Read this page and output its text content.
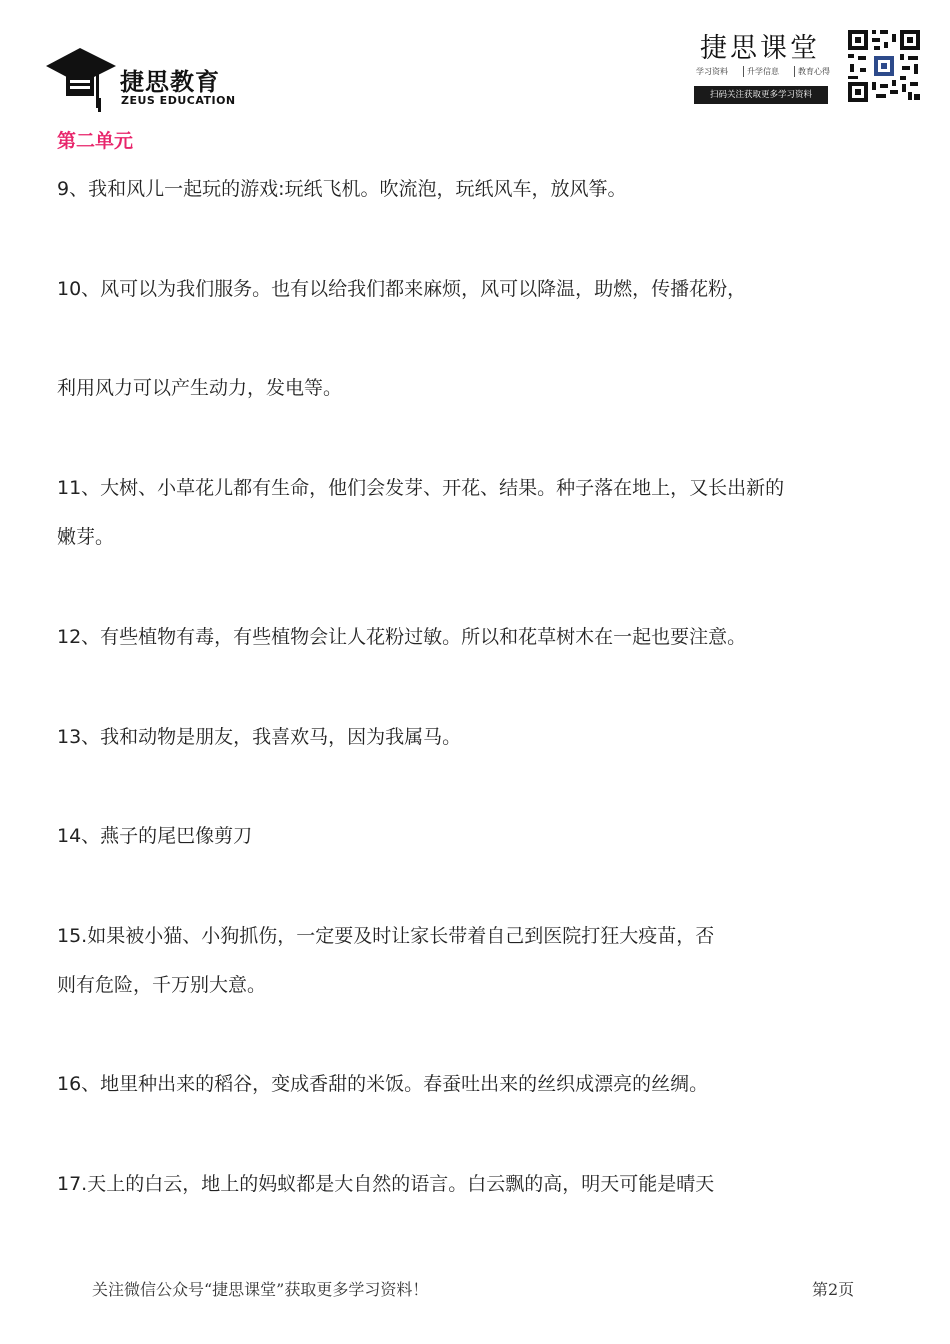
捷思教育
ZEUS EDUCATION
捷思课堂
学习资料	升学信息	教育心得
扫码关注获取更多学习资料
第二单元
9、我和风儿一起玩的游戏:玩纸飞机。吹流泡，玩纸风车，放风筝。
10、风可以为我们服务。也有以给我们都来麻烦，风可以降温，助燃，传播花粉，
利用风力可以产生动力，发电等。
11、大树、小草花儿都有生命，他们会发芽、开花、结果。种子落在地上，又长出新的
嫩芽。
12、有些植物有毒，有些植物会让人花粉过敏。所以和花草树木在一起也要注意。
13、我和动物是朋友，我喜欢马，因为我属马。
14、燕子的尾巴像剪刀
15.如果被小猫、小狗抓伤，一定要及时让家长带着自己到医院打狂大疫苗，否
则有危险，千万别大意。
16、地里种出来的稻谷，变成香甜的米饭。春蚕吐出来的丝织成漂亮的丝绸。
17.天上的白云，地上的妈蚁都是大自然的语言。白云飘的高，明天可能是晴天
关注微信公众号“捷思课堂”获取更多学习资料！	第2页
